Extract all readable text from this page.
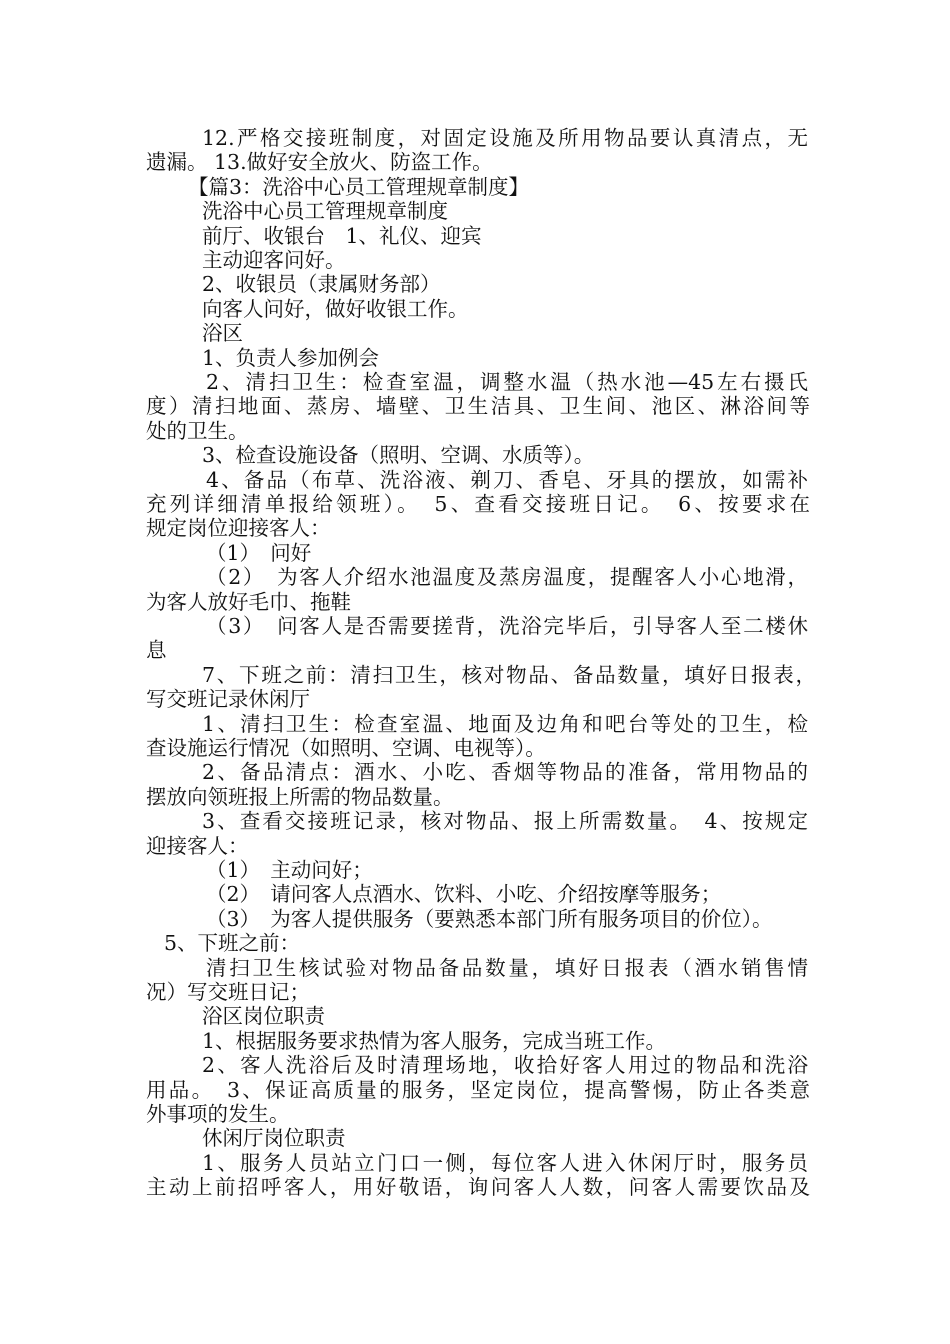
12.严格交接班制度，对固定设施及所用物品要认真清点，无
遗漏。 13.做好安全放火、防盗工作。
【篇3：洗浴中心员工管理规章制度】
洗浴中心员工管理规章制度
前厅、收银台　1、礼仪、迎宾
主动迎客问好。
2、收银员（隶属财务部）
向客人问好，做好收银工作。
浴区
1、负责人参加例会
2、清扫卫生：检查室温，调整水温（热水池—45左右摄氏
度）清扫地面、蒸房、墙壁、卫生洁具、卫生间、池区、淋浴间等
处的卫生。
3、检查设施设备（照明、空调、水质等）。
4、备品（布草、洗浴液、剃刀、香皂、牙具的摆放，如需补
充列详细清单报给领班）。　5、查看交接班日记。　6、按要求在
规定岗位迎接客人：
（1）　问好
（2）　为客人介绍水池温度及蒸房温度，提醒客人小心地滑，
为客人放好毛巾、拖鞋
（3）　问客人是否需要搓背，洗浴完毕后，引导客人至二楼休
息
7、下班之前：清扫卫生，核对物品、备品数量，填好日报表，
写交班记录休闲厅
1、清扫卫生：检查室温、地面及边角和吧台等处的卫生，检
查设施运行情况（如照明、空调、电视等）。
2、备品清点：酒水、小吃、香烟等物品的准备，常用物品的
摆放向领班报上所需的物品数量。
3、查看交接班记录，核对物品、报上所需数量。　4、按规定
迎接客人：
（1）　主动问好；
（2）　请问客人点酒水、饮料、小吃、介绍按摩等服务；
（3）　为客人提供服务（要熟悉本部门所有服务项目的价位）。
5、下班之前：
清扫卫生核试验对物品备品数量，填好日报表（酒水销售情
况）写交班日记；
浴区岗位职责
1、根据服务要求热情为客人服务，完成当班工作。
2、客人洗浴后及时清理场地，收拾好客人用过的物品和洗浴
用品。　3、保证高质量的服务，坚定岗位，提高警惕，防止各类意
外事项的发生。
休闲厅岗位职责
1、服务人员站立门口一侧，每位客人进入休闲厅时，服务员
主动上前招呼客人，用好敬语，询问客人人数，问客人需要饮品及
